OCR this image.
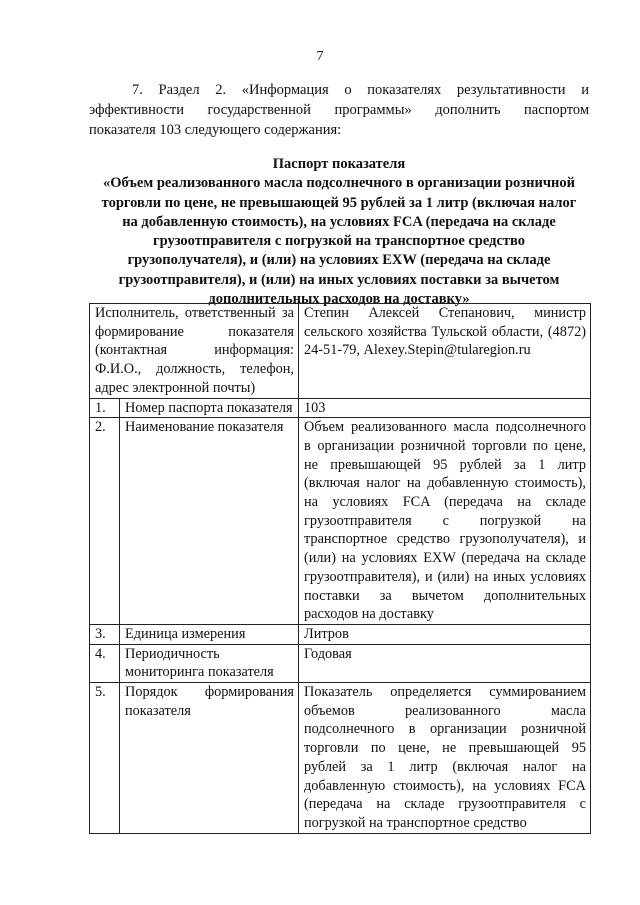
7
7. Раздел 2. «Информация о показателях результативности и
эффективности государственной программы» дополнить паспортом
показателя 103 следующего содержания:
Паспорт показателя
«Объем реализованного масла подсолнечного в организации розничной
торговли по цене, не превышающей 95 рублей за 1 литр (включая налог
на добавленную стоимость), на условиях FCA (передача на складе
грузоотправителя с погрузкой на транспортное средство
грузополучателя), и (или) на условиях EXW (передача на складе
грузоотправителя), и (или) на иных условиях поставки за вычетом
дополнительных расходов на доставку»
Исполнитель, ответственный за формирование показателя (контактная информация: Ф.И.О., должность, телефон, адрес электронной почты)		Степин Алексей Степанович, министр сельского хозяйства Тульской области, (4872) 24-51-79, Alexey.Stepin@tularegion.ru
1.	Номер паспорта показателя	103
2.	Наименование показателя	Объем реализованного масла подсолнечного в организации розничной торговли по цене, не превышающей 95 рублей за 1 литр (включая налог на добавленную стоимость), на условиях FCA (передача на складе грузоотправителя с погрузкой на транспортное средство грузополучателя), и (или) на условиях EXW (передача на складе грузоотправителя), и (или) на иных условиях поставки за вычетом дополнительных расходов на доставку
3.	Единица измерения	Литров
4.	Периодичность мониторинга показателя	Годовая
5.	Порядок формирования показателя	Показатель определяется суммированием объемов реализованного масла подсолнечного в организации розничной торговли по цене, не превышающей 95 рублей за 1 литр (включая налог на добавленную стоимость), на условиях FCA (передача на складе грузоотправителя с погрузкой на транспортное средство
